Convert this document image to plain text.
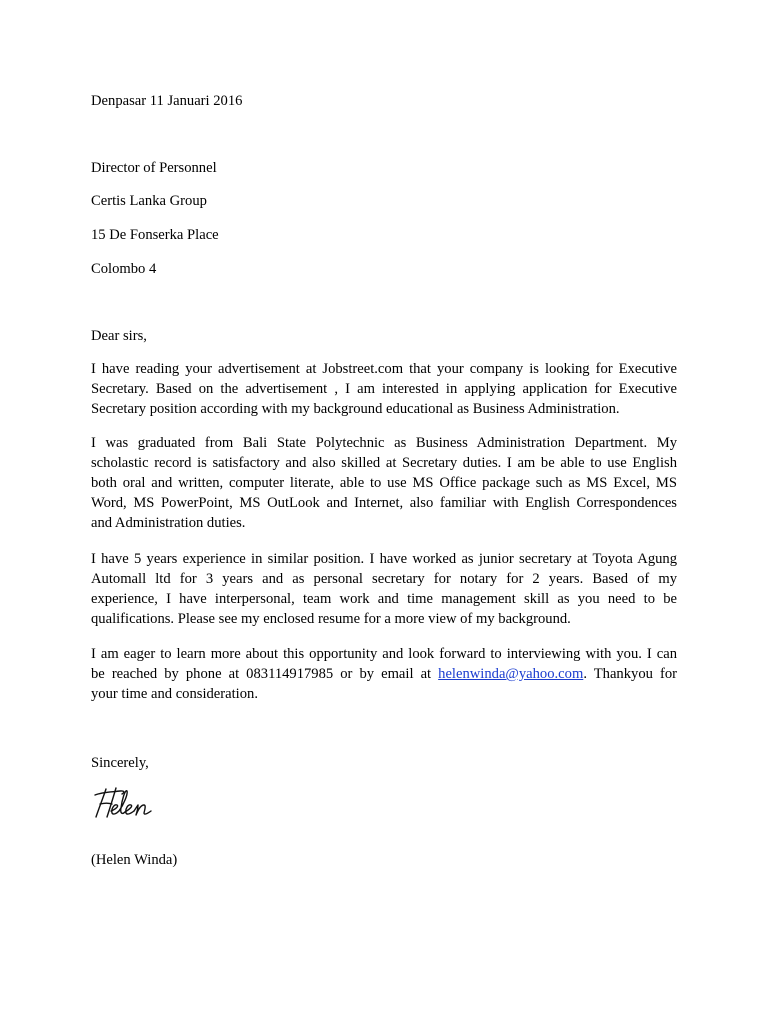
Denpasar 11 Januari 2016

Director of Personnel

Certis Lanka Group

15 De Fonserka Place

Colombo 4

Dear sirs,

I have reading your advertisement at Jobstreet.com that your company is looking for Executive
Secretary. Based on the advertisement , I am interested in applying application for Executive
Secretary position according with my background educational as Business Administration.
I was graduated from Bali State Polytechnic as Business Administration Department. My
scholastic record is satisfactory and also skilled at Secretary duties. I am be able to use English
both oral and written, computer literate, able to use MS Office package such as MS Excel, MS
Word, MS PowerPoint, MS OutLook and Internet, also familiar with English Correspondences
and Administration duties.
I have 5 years experience in similar position. I have worked as junior secretary at Toyota Agung
Automall ltd for 3 years and as personal secretary for notary for 2 years. Based of my
experience, I have interpersonal, team work and time management skill as you need to be
qualifications. Please see my enclosed resume for a more view of my background.
I am eager to learn more about this opportunity and look forward to interviewing with you. I can
be reached by phone at 083114917985 or by email at helenwinda@yahoo.com. Thankyou for
your time and consideration.

Sincerely,

(Helen Winda)
